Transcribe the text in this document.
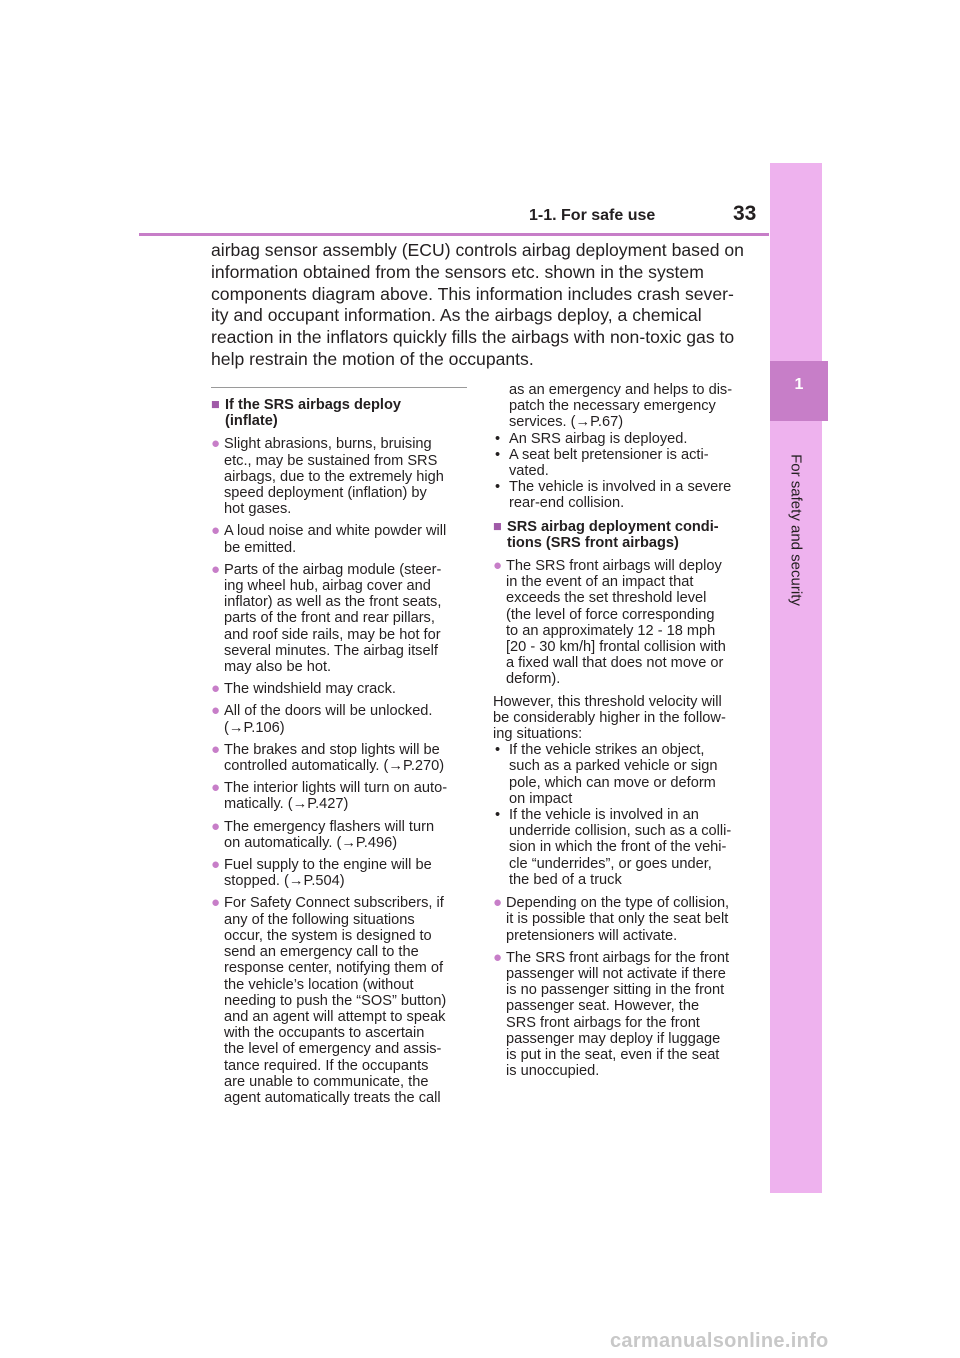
1
For safety and security
1-1. For safe use	33
airbag sensor assembly (ECU) controls airbag deployment based on
information obtained from the sensors etc. shown in the system
components diagram above. This information includes crash sever-
ity and occupant information. As the airbags deploy, a chemical
reaction in the inflators quickly fills the airbags with non-toxic gas to
help restrain the motion of the occupants.
■ If the SRS airbags deploy
(inflate)
● Slight abrasions, burns, bruising
etc., may be sustained from SRS
airbags, due to the extremely high
speed deployment (inflation) by
hot gases.
● A loud noise and white powder will
be emitted.
● Parts of the airbag module (steer-
ing wheel hub, airbag cover and
inflator) as well as the front seats,
parts of the front and rear pillars,
and roof side rails, may be hot for
several minutes. The airbag itself
may also be hot.
● The windshield may crack.
● All of the doors will be unlocked.
(→P.106)
● The brakes and stop lights will be
controlled automatically. (→P.270)
● The interior lights will turn on auto-
matically. (→P.427)
● The emergency flashers will turn
on automatically. (→P.496)
● Fuel supply to the engine will be
stopped. (→P.504)
● For Safety Connect subscribers, if
any of the following situations
occur, the system is designed to
send an emergency call to the
response center, notifying them of
the vehicle’s location (without
needing to push the “SOS” button)
and an agent will attempt to speak
with the occupants to ascertain
the level of emergency and assis-
tance required. If the occupants
are unable to communicate, the
agent automatically treats the call
as an emergency and helps to dis-
patch the necessary emergency
services. (→P.67)
• An SRS airbag is deployed.
• A seat belt pretensioner is acti-
vated.
• The vehicle is involved in a severe
rear-end collision.
■ SRS airbag deployment condi-
tions (SRS front airbags)
● The SRS front airbags will deploy
in the event of an impact that
exceeds the set threshold level
(the level of force corresponding
to an approximately 12 - 18 mph
[20 - 30 km/h] frontal collision with
a fixed wall that does not move or
deform).
However, this threshold velocity will
be considerably higher in the follow-
ing situations:
• If the vehicle strikes an object,
such as a parked vehicle or sign
pole, which can move or deform
on impact
• If the vehicle is involved in an
underride collision, such as a colli-
sion in which the front of the vehi-
cle “underrides”, or goes under,
the bed of a truck
● Depending on the type of collision,
it is possible that only the seat belt
pretensioners will activate.
● The SRS front airbags for the front
passenger will not activate if there
is no passenger sitting in the front
passenger seat. However, the
SRS front airbags for the front
passenger may deploy if luggage
is put in the seat, even if the seat
is unoccupied.
carmanualsonline.info
